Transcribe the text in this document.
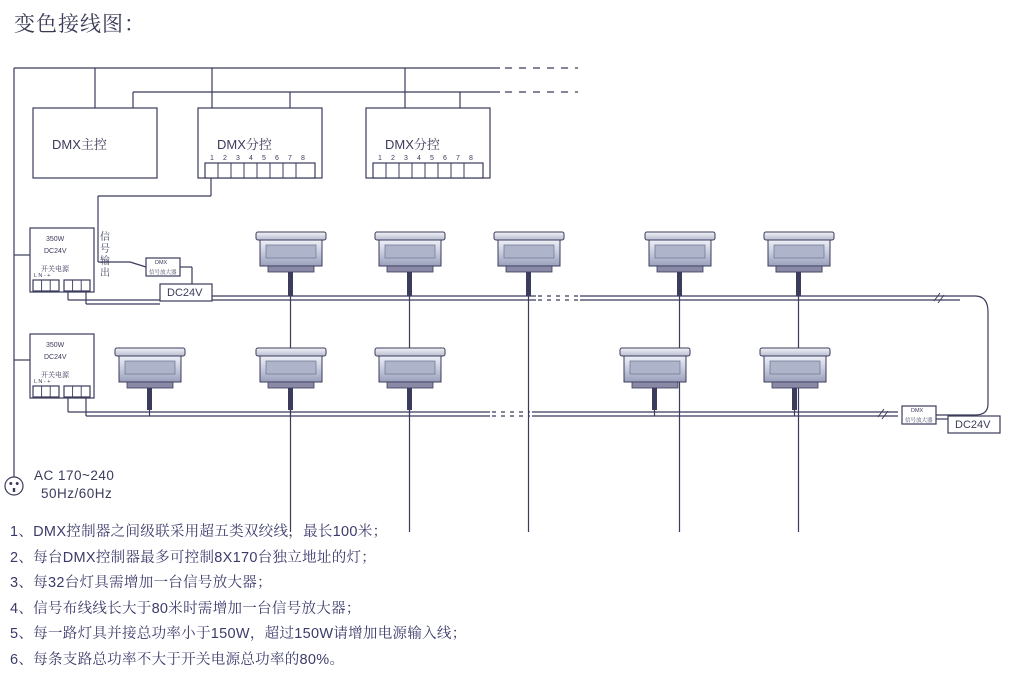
变色接线图：
DMX主控	DMX分控	DMX分控
1 2 3 4 5 6 7 8	1 2 3 4 5 6 7 8
350W
DC24V
开关电源
L N - +
350W
DC24V
开关电源
L N - +
DMX
信号放大器
DMX
信号放大器
DC24V
DC24V
信
号
输
出
AC 170~240
50Hz/60Hz
1、DMX控制器之间级联采用超五类双绞线，最长100米；
2、每台DMX控制器最多可控制8X170台独立地址的灯；
3、每32台灯具需增加一台信号放大器；
4、信号布线线长大于80米时需增加一台信号放大器；
5、每一路灯具并接总功率小于150W，超过150W请增加电源输入线；
6、每条支路总功率不大于开关电源总功率的80%。
